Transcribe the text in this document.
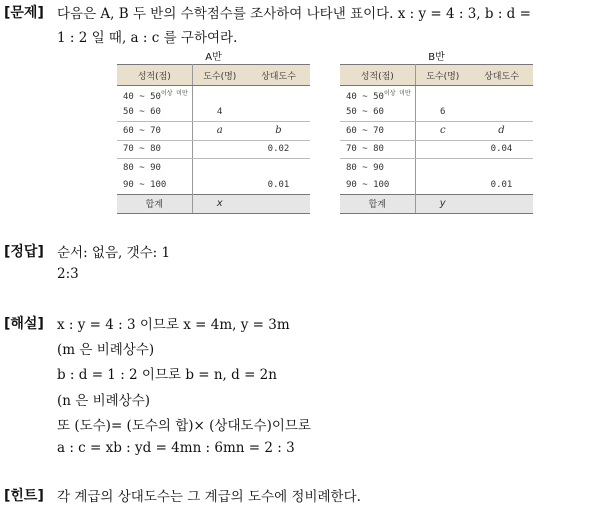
[문제] 다음은 A, B 두 반의 수학점수를 조사하여 나타낸 표이다. x : y = 4 : 3, b : d =
1 : 2 일 때, a : c 를 구하여라.
A반
성적(점)	도수(명)	상대도수
40 ~ $50^{이상 미만}$		
50 ~ 60	4	
60 ~ 70	a	b
70 ~ 80		0.02
80 ~ 90		
90 ~ 100		0.01
합계	x	
B반
성적(점)	도수(명)	상대도수
40 ~ $50^{이상 미만}$		
50 ~ 60	6	
60 ~ 70	c	d
70 ~ 80		0.04
80 ~ 90		
90 ~ 100		0.01
합계	y	
[정답] 순서: 없음, 갯수: 1
2:3
[해설] x : y = 4 : 3 이므로 x = 4m, y = 3m
(m 은 비례상수)
b : d = 1 : 2 이므로 b = n, d = 2n
(n 은 비례상수)
또 (도수)= (도수의 합)× (상대도수)이므로
a : c = xb : yd = 4mn : 6mn = 2 : 3
[힌트] 각 계급의 상대도수는 그 계급의 도수에 정비례한다.
